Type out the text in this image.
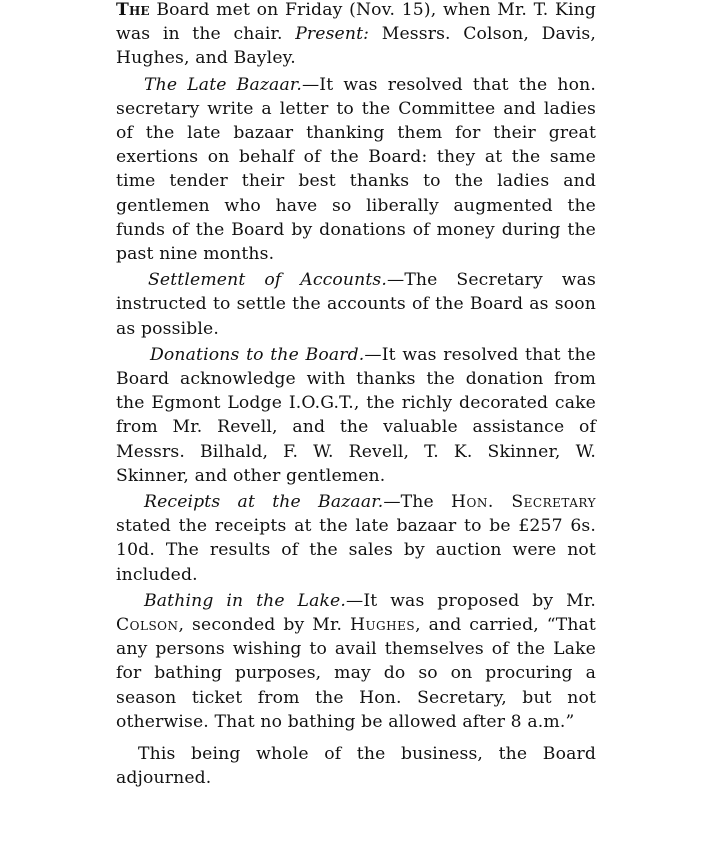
The Board met on Friday (Nov. 15), when Mr. T. King was in the chair. Present: Messrs. Colson, Davis, Hughes, and Bayley.

The Late Bazaar.—It was resolved that the hon. secretary write a letter to the Committee and ladies of the late bazaar thanking them for their great exertions on behalf of the Board: they at the same time tender their best thanks to the ladies and gentlemen who have so liberally augmented the funds of the Board by donations of money during the past nine months.

Settlement of Accounts.—The Secretary was instructed to settle the accounts of the Board as soon as possible.

Donations to the Board.—It was resolved that the Board acknowledge with thanks the donation from the Egmont Lodge I.O.G.T., the richly decorated cake from Mr. Revell, and the valuable assistance of Messrs. Bilhald, F. W. Revell, T. K. Skinner, W. Skinner, and other gentlemen.

Receipts at the Bazaar.—The Hon. Secretary stated the receipts at the late bazaar to be £257 6s. 10d. The results of the sales by auction were not included.

Bathing in the Lake.—It was proposed by Mr. Colson, seconded by Mr. Hughes, and carried, “That any persons wishing to avail themselves of the Lake for bathing purposes, may do so on procuring a season ticket from the Hon. Secretary, but not otherwise. That no bathing be allowed after 8 a.m.”

This being whole of the business, the Board adjourned.
